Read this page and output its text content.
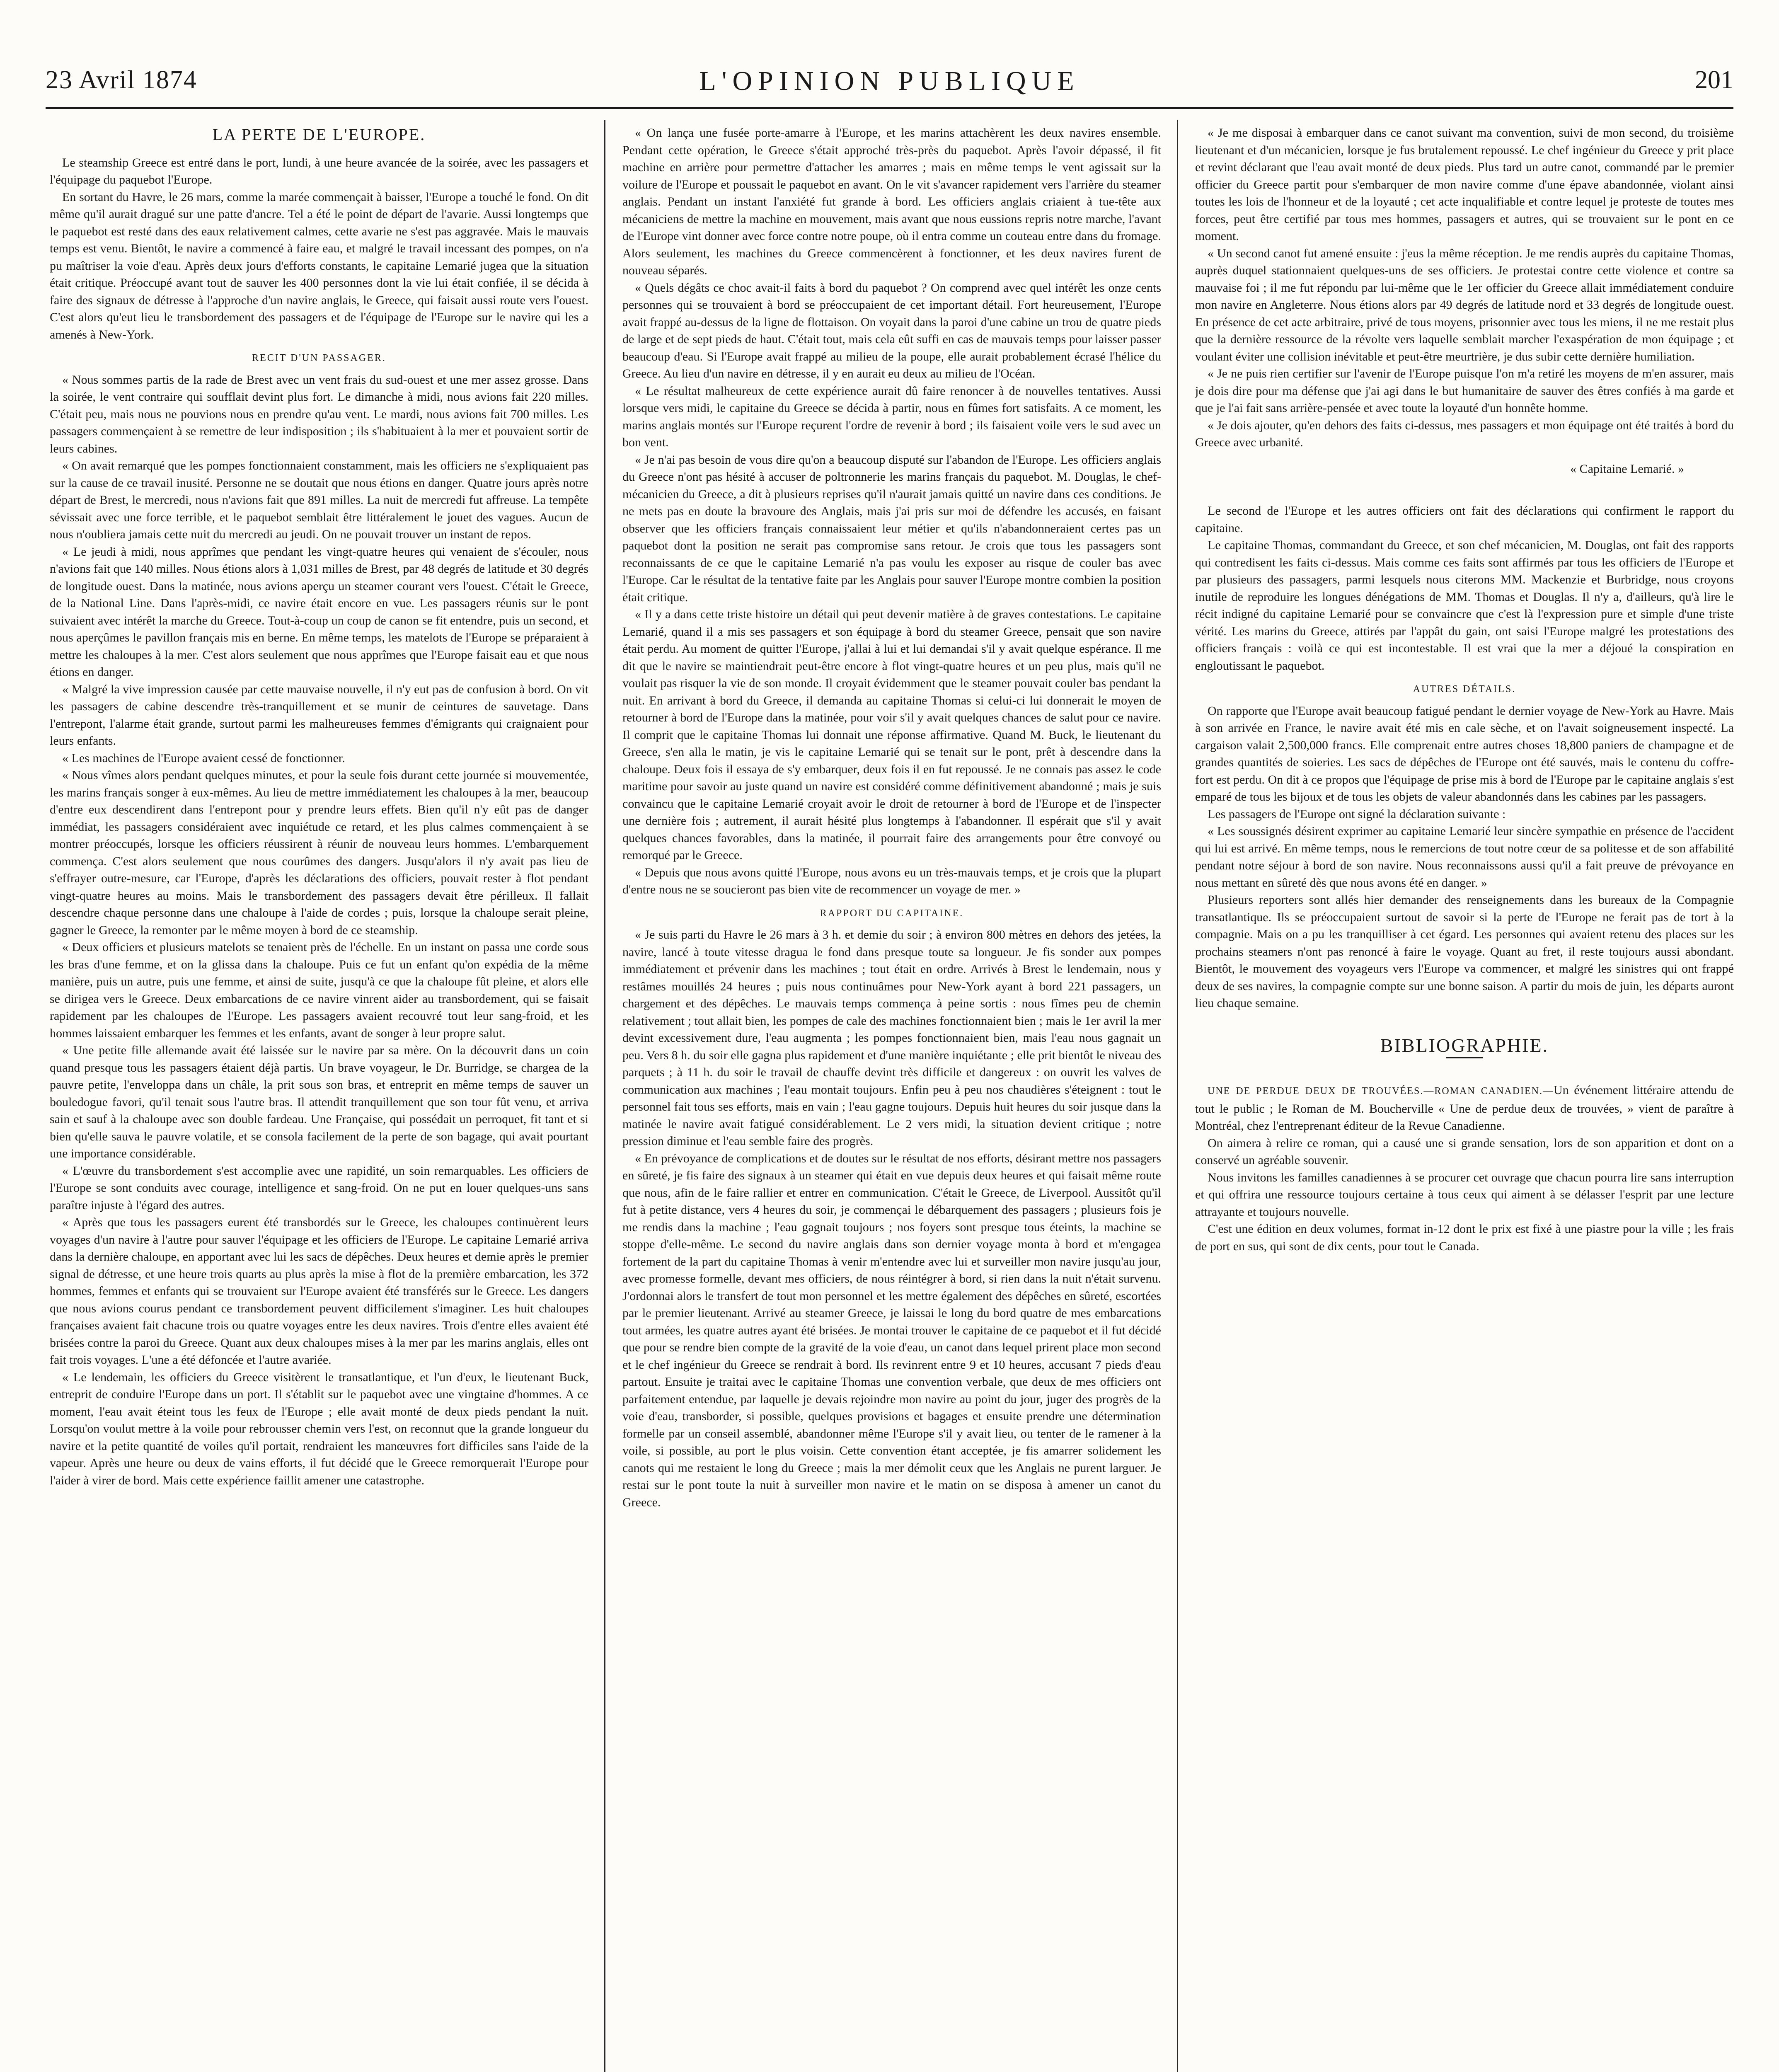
23 Avril 1874	L'OPINION PUBLIQUE	201
LA PERTE DE L'EUROPE.

Le steamship Greece est entré dans le port, lundi, à une heure avancée de la soirée, avec les passagers et l'équipage du paquebot l'Europe.

En sortant du Havre, le 26 mars, comme la marée commençait à baisser, l'Europe a touché le fond. On dit même qu'il aurait dragué sur une patte d'ancre. Tel a été le point de départ de l'avarie. Aussi longtemps que le paquebot est resté dans des eaux relativement calmes, cette avarie ne s'est pas aggravée. Mais le mauvais temps est venu. Bientôt, le navire a commencé à faire eau, et malgré le travail incessant des pompes, on n'a pu maîtriser la voie d'eau. Après deux jours d'efforts constants, le capitaine Lemarié jugea que la situation était critique. Préoccupé avant tout de sauver les 400 personnes dont la vie lui était confiée, il se décida à faire des signaux de détresse à l'approche d'un navire anglais, le Greece, qui faisait aussi route vers l'ouest. C'est alors qu'eut lieu le transbordement des passagers et de l'équipage de l'Europe sur le navire qui les a amenés à New-York.

RECIT D'UN PASSAGER.

« Nous sommes partis de la rade de Brest avec un vent frais du sud-ouest et une mer assez grosse. Dans la soirée, le vent contraire qui soufflait devint plus fort. Le dimanche à midi, nous avions fait 220 milles. C'était peu, mais nous ne pouvions nous en prendre qu'au vent. Le mardi, nous avions fait 700 milles. Les passagers commençaient à se remettre de leur indisposition ; ils s'habituaient à la mer et pouvaient sortir de leurs cabines.

« On avait remarqué que les pompes fonctionnaient constamment, mais les officiers ne s'expliquaient pas sur la cause de ce travail inusité. Personne ne se doutait que nous étions en danger. Quatre jours après notre départ de Brest, le mercredi, nous n'avions fait que 891 milles. La nuit de mercredi fut affreuse. La tempête sévissait avec une force terrible, et le paquebot semblait être littéralement le jouet des vagues. Aucun de nous n'oubliera jamais cette nuit du mercredi au jeudi. On ne pouvait trouver un instant de repos.

« Le jeudi à midi, nous apprîmes que pendant les vingt-quatre heures qui venaient de s'écouler, nous n'avions fait que 140 milles. Nous étions alors à 1,031 milles de Brest, par 48 degrés de latitude et 30 degrés de longitude ouest. Dans la matinée, nous avions aperçu un steamer courant vers l'ouest. C'était le Greece, de la National Line. Dans l'après-midi, ce navire était encore en vue. Les passagers réunis sur le pont suivaient avec intérêt la marche du Greece. Tout-à-coup un coup de canon se fit entendre, puis un second, et nous aperçûmes le pavillon français mis en berne. En même temps, les matelots de l'Europe se préparaient à mettre les chaloupes à la mer. C'est alors seulement que nous apprîmes que l'Europe faisait eau et que nous étions en danger.

« Malgré la vive impression causée par cette mauvaise nouvelle, il n'y eut pas de confusion à bord. On vit les passagers de cabine descendre très-tranquillement et se munir de ceintures de sauvetage. Dans l'entrepont, l'alarme était grande, surtout parmi les malheureuses femmes d'émigrants qui craignaient pour leurs enfants.

« Les machines de l'Europe avaient cessé de fonctionner.

« Nous vîmes alors pendant quelques minutes, et pour la seule fois durant cette journée si mouvementée, les marins français songer à eux-mêmes. Au lieu de mettre immédiatement les chaloupes à la mer, beaucoup d'entre eux descendirent dans l'entrepont pour y prendre leurs effets. Bien qu'il n'y eût pas de danger immédiat, les passagers considéraient avec inquiétude ce retard, et les plus calmes commençaient à se montrer préoccupés, lorsque les officiers réussirent à réunir de nouveau leurs hommes. L'embarquement commença. C'est alors seulement que nous courûmes des dangers. Jusqu'alors il n'y avait pas lieu de s'effrayer outre-mesure, car l'Europe, d'après les déclarations des officiers, pouvait rester à flot pendant vingt-quatre heures au moins. Mais le transbordement des passagers devait être périlleux. Il fallait descendre chaque personne dans une chaloupe à l'aide de cordes ; puis, lorsque la chaloupe serait pleine, gagner le Greece, la remonter par le même moyen à bord de ce steamship.

« Deux officiers et plusieurs matelots se tenaient près de l'échelle. En un instant on passa une corde sous les bras d'une femme, et on la glissa dans la chaloupe. Puis ce fut un enfant qu'on expédia de la même manière, puis un autre, puis une femme, et ainsi de suite, jusqu'à ce que la chaloupe fût pleine, et alors elle se dirigea vers le Greece. Deux embarcations de ce navire vinrent aider au transbordement, qui se faisait rapidement par les chaloupes de l'Europe. Les passagers avaient recouvré tout leur sang-froid, et les hommes laissaient embarquer les femmes et les enfants, avant de songer à leur propre salut.

« Une petite fille allemande avait été laissée sur le navire par sa mère. On la découvrit dans un coin quand presque tous les passagers étaient déjà partis. Un brave voyageur, le Dr. Burridge, se chargea de la pauvre petite, l'enveloppa dans un châle, la prit sous son bras, et entreprit en même temps de sauver un bouledogue favori, qu'il tenait sous l'autre bras. Il attendit tranquillement que son tour fût venu, et arriva sain et sauf à la chaloupe avec son double fardeau. Une Française, qui possédait un perroquet, fit tant et si bien qu'elle sauva le pauvre volatile, et se consola facilement de la perte de son bagage, qui avait pourtant une importance considérable.

« L'œuvre du transbordement s'est accomplie avec une rapidité, un soin remarquables. Les officiers de l'Europe se sont conduits avec courage, intelligence et sang-froid. On ne put en louer quelques-uns sans paraître injuste à l'égard des autres.

« Après que tous les passagers eurent été transbordés sur le Greece, les chaloupes continuèrent leurs voyages d'un navire à l'autre pour sauver l'équipage et les officiers de l'Europe. Le capitaine Lemarié arriva dans la dernière chaloupe, en apportant avec lui les sacs de dépêches. Deux heures et demie après le premier signal de détresse, et une heure trois quarts au plus après la mise à flot de la première embarcation, les 372 hommes, femmes et enfants qui se trouvaient sur l'Europe avaient été transférés sur le Greece. Les dangers que nous avions courus pendant ce transbordement peuvent difficilement s'imaginer. Les huit chaloupes françaises avaient fait chacune trois ou quatre voyages entre les deux navires. Trois d'entre elles avaient été brisées contre la paroi du Greece. Quant aux deux chaloupes mises à la mer par les marins anglais, elles ont fait trois voyages. L'une a été défoncée et l'autre avariée.

« Le lendemain, les officiers du Greece visitèrent le transatlantique, et l'un d'eux, le lieutenant Buck, entreprit de conduire l'Europe dans un port. Il s'établit sur le paquebot avec une vingtaine d'hommes. A ce moment, l'eau avait éteint tous les feux de l'Europe ; elle avait monté de deux pieds pendant la nuit. Lorsqu'on voulut mettre à la voile pour rebrousser chemin vers l'est, on reconnut que la grande longueur du navire et la petite quantité de voiles qu'il portait, rendraient les manœuvres fort difficiles sans l'aide de la vapeur. Après une heure ou deux de vains efforts, il fut décidé que le Greece remorquerait l'Europe pour l'aider à virer de bord. Mais cette expérience faillit amener une catastrophe.

« On lança une fusée porte-amarre à l'Europe, et les marins attachèrent les deux navires ensemble. Pendant cette opération, le Greece s'était approché très-près du paquebot. Après l'avoir dépassé, il fit machine en arrière pour permettre d'attacher les amarres ; mais en même temps le vent agissait sur la voilure de l'Europe et poussait le paquebot en avant. On le vit s'avancer rapidement vers l'arrière du steamer anglais. Pendant un instant l'anxiété fut grande à bord. Les officiers anglais criaient à tue-tête aux mécaniciens de mettre la machine en mouvement, mais avant que nous eussions repris notre marche, l'avant de l'Europe vint donner avec force contre notre poupe, où il entra comme un couteau entre dans du fromage. Alors seulement, les machines du Greece commencèrent à fonctionner, et les deux navires furent de nouveau séparés.

« Quels dégâts ce choc avait-il faits à bord du paquebot ? On comprend avec quel intérêt les onze cents personnes qui se trouvaient à bord se préoccupaient de cet important détail. Fort heureusement, l'Europe avait frappé au-dessus de la ligne de flottaison. On voyait dans la paroi d'une cabine un trou de quatre pieds de large et de sept pieds de haut. C'était tout, mais cela eût suffi en cas de mauvais temps pour laisser passer beaucoup d'eau. Si l'Europe avait frappé au milieu de la poupe, elle aurait probablement écrasé l'hélice du Greece. Au lieu d'un navire en détresse, il y en aurait eu deux au milieu de l'Océan.

« Le résultat malheureux de cette expérience aurait dû faire renoncer à de nouvelles tentatives. Aussi lorsque vers midi, le capitaine du Greece se décida à partir, nous en fûmes fort satisfaits. A ce moment, les marins anglais montés sur l'Europe reçurent l'ordre de revenir à bord ; ils faisaient voile vers le sud avec un bon vent.

« Je n'ai pas besoin de vous dire qu'on a beaucoup disputé sur l'abandon de l'Europe. Les officiers anglais du Greece n'ont pas hésité à accuser de poltronnerie les marins français du paquebot. M. Douglas, le chef-mécanicien du Greece, a dit à plusieurs reprises qu'il n'aurait jamais quitté un navire dans ces conditions. Je ne mets pas en doute la bravoure des Anglais, mais j'ai pris sur moi de défendre les accusés, en faisant observer que les officiers français connaissaient leur métier et qu'ils n'abandonneraient certes pas un paquebot dont la position ne serait pas compromise sans retour. Je crois que tous les passagers sont reconnaissants de ce que le capitaine Lemarié n'a pas voulu les exposer au risque de couler bas avec l'Europe. Car le résultat de la tentative faite par les Anglais pour sauver l'Europe montre combien la position était critique.

« Il y a dans cette triste histoire un détail qui peut devenir matière à de graves contestations. Le capitaine Lemarié, quand il a mis ses passagers et son équipage à bord du steamer Greece, pensait que son navire était perdu. Au moment de quitter l'Europe, j'allai à lui et lui demandai s'il y avait quelque espérance. Il me dit que le navire se maintiendrait peut-être encore à flot vingt-quatre heures et un peu plus, mais qu'il ne voulait pas risquer la vie de son monde. Il croyait évidemment que le steamer pouvait couler bas pendant la nuit. En arrivant à bord du Greece, il demanda au capitaine Thomas si celui-ci lui donnerait le moyen de retourner à bord de l'Europe dans la matinée, pour voir s'il y avait quelques chances de salut pour ce navire. Il comprit que le capitaine Thomas lui donnait une réponse affirmative. Quand M. Buck, le lieutenant du Greece, s'en alla le matin, je vis le capitaine Lemarié qui se tenait sur le pont, prêt à descendre dans la chaloupe. Deux fois il essaya de s'y embarquer, deux fois il en fut repoussé. Je ne connais pas assez le code maritime pour savoir au juste quand un navire est considéré comme définitivement abandonné ; mais je suis convaincu que le capitaine Lemarié croyait avoir le droit de retourner à bord de l'Europe et de l'inspecter une dernière fois ; autrement, il aurait hésité plus longtemps à l'abandonner. Il espérait que s'il y avait quelques chances favorables, dans la matinée, il pourrait faire des arrangements pour être convoyé ou remorqué par le Greece.

« Depuis que nous avons quitté l'Europe, nous avons eu un très-mauvais temps, et je crois que la plupart d'entre nous ne se soucieront pas bien vite de recommencer un voyage de mer. »

RAPPORT DU CAPITAINE.

« Je suis parti du Havre le 26 mars à 3 h. et demie du soir ; à environ 800 mètres en dehors des jetées, la navire, lancé à toute vitesse dragua le fond dans presque toute sa longueur. Je fis sonder aux pompes immédiatement et prévenir dans les machines ; tout était en ordre. Arrivés à Brest le lendemain, nous y restâmes mouillés 24 heures ; puis nous continuâmes pour New-York ayant à bord 221 passagers, un chargement et des dépêches. Le mauvais temps commença à peine sortis : nous fîmes peu de chemin relativement ; tout allait bien, les pompes de cale des machines fonctionnaient bien ; mais le 1er avril la mer devint excessivement dure, l'eau augmenta ; les pompes fonctionnaient bien, mais l'eau nous gagnait un peu. Vers 8 h. du soir elle gagna plus rapidement et d'une manière inquiétante ; elle prit bientôt le niveau des parquets ; à 11 h. du soir le travail de chauffe devint très difficile et dangereux : on ouvrit les valves de communication aux machines ; l'eau montait toujours. Enfin peu à peu nos chaudières s'éteignent : tout le personnel fait tous ses efforts, mais en vain ; l'eau gagne toujours. Depuis huit heures du soir jusque dans la matinée le navire avait fatigué considérablement. Le 2 vers midi, la situation devient critique ; notre pression diminue et l'eau semble faire des progrès.

« En prévoyance de complications et de doutes sur le résultat de nos efforts, désirant mettre nos passagers en sûreté, je fis faire des signaux à un steamer qui était en vue depuis deux heures et qui faisait même route que nous, afin de le faire rallier et entrer en communication. C'était le Greece, de Liverpool. Aussitôt qu'il fut à petite distance, vers 4 heures du soir, je commençai le débarquement des passagers ; plusieurs fois je me rendis dans la machine ; l'eau gagnait toujours ; nos foyers sont presque tous éteints, la machine se stoppe d'elle-même. Le second du navire anglais dans son dernier voyage monta à bord et m'engagea fortement de la part du capitaine Thomas à venir m'entendre avec lui et surveiller mon navire jusqu'au jour, avec promesse formelle, devant mes officiers, de nous réintégrer à bord, si rien dans la nuit n'était survenu. J'ordonnai alors le transfert de tout mon personnel et les mettre également des dépêches en sûreté, escortées par le premier lieutenant. Arrivé au steamer Greece, je laissai le long du bord quatre de mes embarcations tout armées, les quatre autres ayant été brisées. Je montai trouver le capitaine de ce paquebot et il fut décidé que pour se rendre bien compte de la gravité de la voie d'eau, un canot dans lequel prirent place mon second et le chef ingénieur du Greece se rendrait à bord. Ils revinrent entre 9 et 10 heures, accusant 7 pieds d'eau partout. Ensuite je traitai avec le capitaine Thomas une convention verbale, que deux de mes officiers ont parfaitement entendue, par laquelle je devais rejoindre mon navire au point du jour, juger des progrès de la voie d'eau, transborder, si possible, quelques provisions et bagages et ensuite prendre une détermination formelle par un conseil assemblé, abandonner même l'Europe s'il y avait lieu, ou tenter de le ramener à la voile, si possible, au port le plus voisin. Cette convention étant acceptée, je fis amarrer solidement les canots qui me restaient le long du Greece ; mais la mer démolit ceux que les Anglais ne purent larguer. Je restai sur le pont toute la nuit à surveiller mon navire et le matin on se disposa à amener un canot du Greece.

« Je me disposai à embarquer dans ce canot suivant ma convention, suivi de mon second, du troisième lieutenant et d'un mécanicien, lorsque je fus brutalement repoussé. Le chef ingénieur du Greece y prit place et revint déclarant que l'eau avait monté de deux pieds. Plus tard un autre canot, commandé par le premier officier du Greece partit pour s'embarquer de mon navire comme d'une épave abandonnée, violant ainsi toutes les lois de l'honneur et de la loyauté ; cet acte inqualifiable et contre lequel je proteste de toutes mes forces, peut être certifié par tous mes hommes, passagers et autres, qui se trouvaient sur le pont en ce moment.

« Un second canot fut amené ensuite : j'eus la même réception. Je me rendis auprès du capitaine Thomas, auprès duquel stationnaient quelques-uns de ses officiers. Je protestai contre cette violence et contre sa mauvaise foi ; il me fut répondu par lui-même que le 1er officier du Greece allait immédiatement conduire mon navire en Angleterre. Nous étions alors par 49 degrés de latitude nord et 33 degrés de longitude ouest. En présence de cet acte arbitraire, privé de tous moyens, prisonnier avec tous les miens, il ne me restait plus que la dernière ressource de la révolte vers laquelle semblait marcher l'exaspération de mon équipage ; et voulant éviter une collision inévitable et peut-être meurtrière, je dus subir cette dernière humiliation.

« Je ne puis rien certifier sur l'avenir de l'Europe puisque l'on m'a retiré les moyens de m'en assurer, mais je dois dire pour ma défense que j'ai agi dans le but humanitaire de sauver des êtres confiés à ma garde et que je l'ai fait sans arrière-pensée et avec toute la loyauté d'un honnête homme.

« Je dois ajouter, qu'en dehors des faits ci-dessus, mes passagers et mon équipage ont été traités à bord du Greece avec urbanité.

« Capitaine Lemarié. »

Le second de l'Europe et les autres officiers ont fait des déclarations qui confirment le rapport du capitaine.

Le capitaine Thomas, commandant du Greece, et son chef mécanicien, M. Douglas, ont fait des rapports qui contredisent les faits ci-dessus. Mais comme ces faits sont affirmés par tous les officiers de l'Europe et par plusieurs des passagers, parmi lesquels nous citerons MM. Mackenzie et Burbridge, nous croyons inutile de reproduire les longues dénégations de MM. Thomas et Douglas. Il n'y a, d'ailleurs, qu'à lire le récit indigné du capitaine Lemarié pour se convaincre que c'est là l'expression pure et simple d'une triste vérité. Les marins du Greece, attirés par l'appât du gain, ont saisi l'Europe malgré les protestations des officiers français : voilà ce qui est incontestable. Il est vrai que la mer a déjoué la conspiration en engloutissant le paquebot.

AUTRES DÉTAILS.

On rapporte que l'Europe avait beaucoup fatigué pendant le dernier voyage de New-York au Havre. Mais à son arrivée en France, le navire avait été mis en cale sèche, et on l'avait soigneusement inspecté. La cargaison valait 2,500,000 francs. Elle comprenait entre autres choses 18,800 paniers de champagne et de grandes quantités de soieries. Les sacs de dépêches de l'Europe ont été sauvés, mais le contenu du coffre-fort est perdu. On dit à ce propos que l'équipage de prise mis à bord de l'Europe par le capitaine anglais s'est emparé de tous les bijoux et de tous les objets de valeur abandonnés dans les cabines par les passagers.

Les passagers de l'Europe ont signé la déclaration suivante :

« Les soussignés désirent exprimer au capitaine Lemarié leur sincère sympathie en présence de l'accident qui lui est arrivé. En même temps, nous le remercions de tout notre cœur de sa politesse et de son affabilité pendant notre séjour à bord de son navire. Nous reconnaissons aussi qu'il a fait preuve de prévoyance en nous mettant en sûreté dès que nous avons été en danger. »

Plusieurs reporters sont allés hier demander des renseignements dans les bureaux de la Compagnie transatlantique. Ils se préoccupaient surtout de savoir si la perte de l'Europe ne ferait pas de tort à la compagnie. Mais on a pu les tranquilliser à cet égard. Les personnes qui avaient retenu des places sur les prochains steamers n'ont pas renoncé à faire le voyage. Quant au fret, il reste toujours aussi abondant. Bientôt, le mouvement des voyageurs vers l'Europe va commencer, et malgré les sinistres qui ont frappé deux de ses navires, la compagnie compte sur une bonne saison. A partir du mois de juin, les départs auront lieu chaque semaine.

BIBLIOGRAPHIE.

UNE DE PERDUE DEUX DE TROUVÉES.—ROMAN CANADIEN.—Un événement littéraire attendu de tout le public ; le Roman de M. Boucherville « Une de perdue deux de trouvées, » vient de paraître à Montréal, chez l'entreprenant éditeur de la Revue Canadienne.

On aimera à relire ce roman, qui a causé une si grande sensation, lors de son apparition et dont on a conservé un agréable souvenir.

Nous invitons les familles canadiennes à se procurer cet ouvrage que chacun pourra lire sans interruption et qui offrira une ressource toujours certaine à tous ceux qui aiment à se délasser l'esprit par une lecture attrayante et toujours nouvelle.

C'est une édition en deux volumes, format in-12 dont le prix est fixé à une piastre pour la ville ; les frais de port en sus, qui sont de dix cents, pour tout le Canada.
